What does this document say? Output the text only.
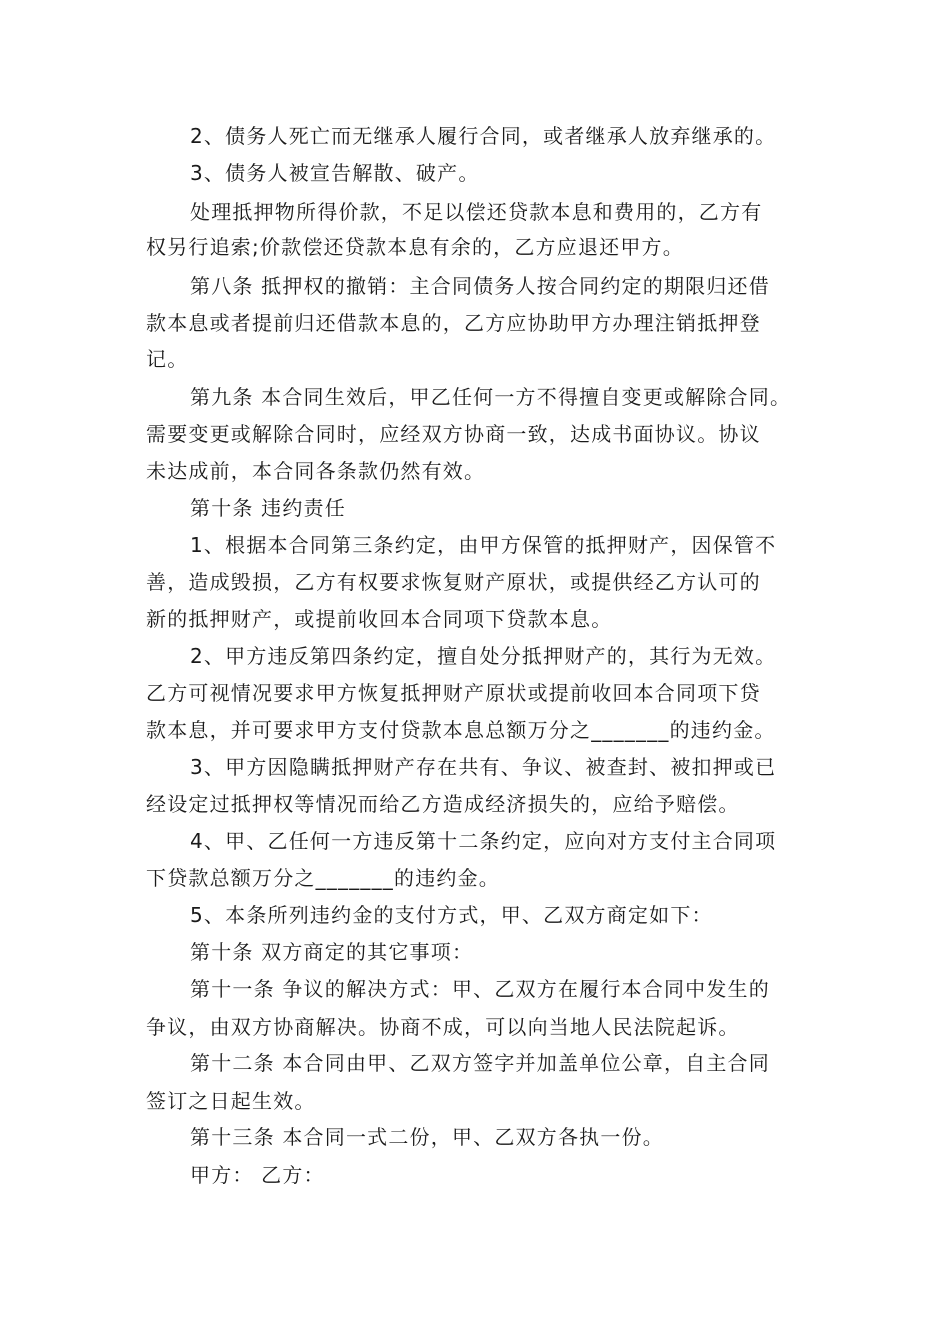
2、债务人死亡而无继承人履行合同，或者继承人放弃继承的。
3、债务人被宣告解散、破产。
处理抵押物所得价款，不足以偿还贷款本息和费用的，乙方有
权另行追索;价款偿还贷款本息有余的，乙方应退还甲方。
第八条 抵押权的撤销：主合同债务人按合同约定的期限归还借
款本息或者提前归还借款本息的，乙方应协助甲方办理注销抵押登
记。
第九条 本合同生效后，甲乙任何一方不得擅自变更或解除合同。
需要变更或解除合同时，应经双方协商一致，达成书面协议。协议
未达成前，本合同各条款仍然有效。
第十条 违约责任
1、根据本合同第三条约定，由甲方保管的抵押财产，因保管不
善，造成毁损，乙方有权要求恢复财产原状，或提供经乙方认可的
新的抵押财产，或提前收回本合同项下贷款本息。
2、甲方违反第四条约定，擅自处分抵押财产的，其行为无效。
乙方可视情况要求甲方恢复抵押财产原状或提前收回本合同项下贷
款本息，并可要求甲方支付贷款本息总额万分之_______的违约金。
3、甲方因隐瞒抵押财产存在共有、争议、被查封、被扣押或已
经设定过抵押权等情况而给乙方造成经济损失的，应给予赔偿。
4、甲、乙任何一方违反第十二条约定，应向对方支付主合同项
下贷款总额万分之_______的违约金。
5、本条所列违约金的支付方式，甲、乙双方商定如下：
第十条 双方商定的其它事项：
第十一条 争议的解决方式：甲、乙双方在履行本合同中发生的
争议，由双方协商解决。协商不成，可以向当地人民法院起诉。
第十二条 本合同由甲、乙双方签字并加盖单位公章，自主合同
签订之日起生效。
第十三条 本合同一式二份，甲、乙双方各执一份。
甲方： 乙方：
